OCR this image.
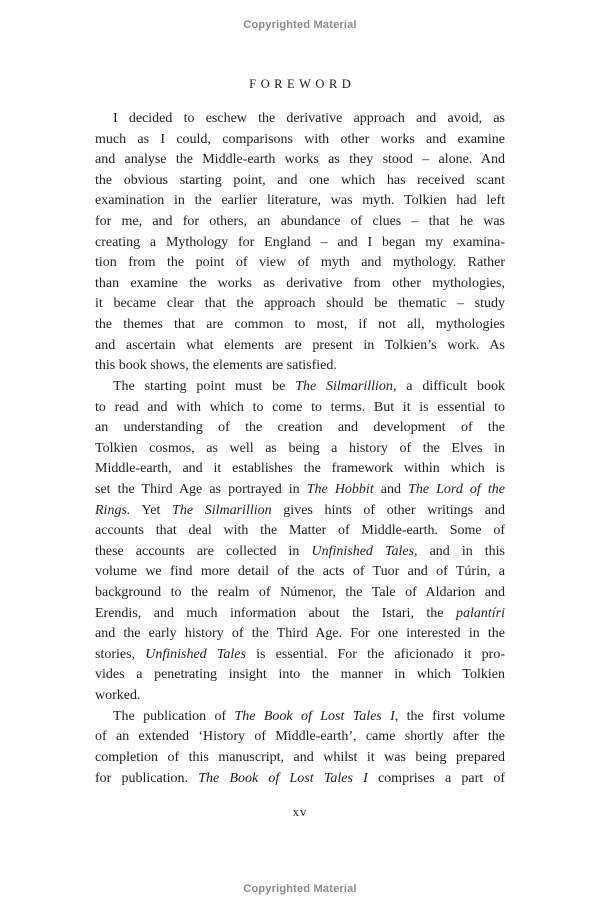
Copyrighted Material
FOREWORD
I decided to eschew the derivative approach and avoid, as
much as I could, comparisons with other works and examine
and analyse the Middle-earth works as they stood – alone. And
the obvious starting point, and one which has received scant
examination in the earlier literature, was myth. Tolkien had left
for me, and for others, an abundance of clues – that he was
creating a Mythology for England – and I began my examina-
tion from the point of view of myth and mythology. Rather
than examine the works as derivative from other mythologies,
it became clear that the approach should be thematic – study
the themes that are common to most, if not all, mythologies
and ascertain what elements are present in Tolkien’s work. As
this book shows, the elements are satisfied.
The starting point must be The Silmarillion, a difficult book
to read and with which to come to terms. But it is essential to
an understanding of the creation and development of the
Tolkien cosmos, as well as being a history of the Elves in
Middle-earth, and it establishes the framework within which is
set the Third Age as portrayed in The Hobbit and The Lord of the
Rings. Yet The Silmarillion gives hints of other writings and
accounts that deal with the Matter of Middle-earth. Some of
these accounts are collected in Unfinished Tales, and in this
volume we find more detail of the acts of Tuor and of Túrin, a
background to the realm of Númenor, the Tale of Aldarion and
Erendis, and much information about the Istari, the palantíri
and the early history of the Third Age. For one interested in the
stories, Unfinished Tales is essential. For the aficionado it pro-
vides a penetrating insight into the manner in which Tolkien
worked.
The publication of The Book of Lost Tales I, the first volume
of an extended ‘History of Middle-earth’, came shortly after the
completion of this manuscript, and whilst it was being prepared
for publication. The Book of Lost Tales I comprises a part of
xv
Copyrighted Material
